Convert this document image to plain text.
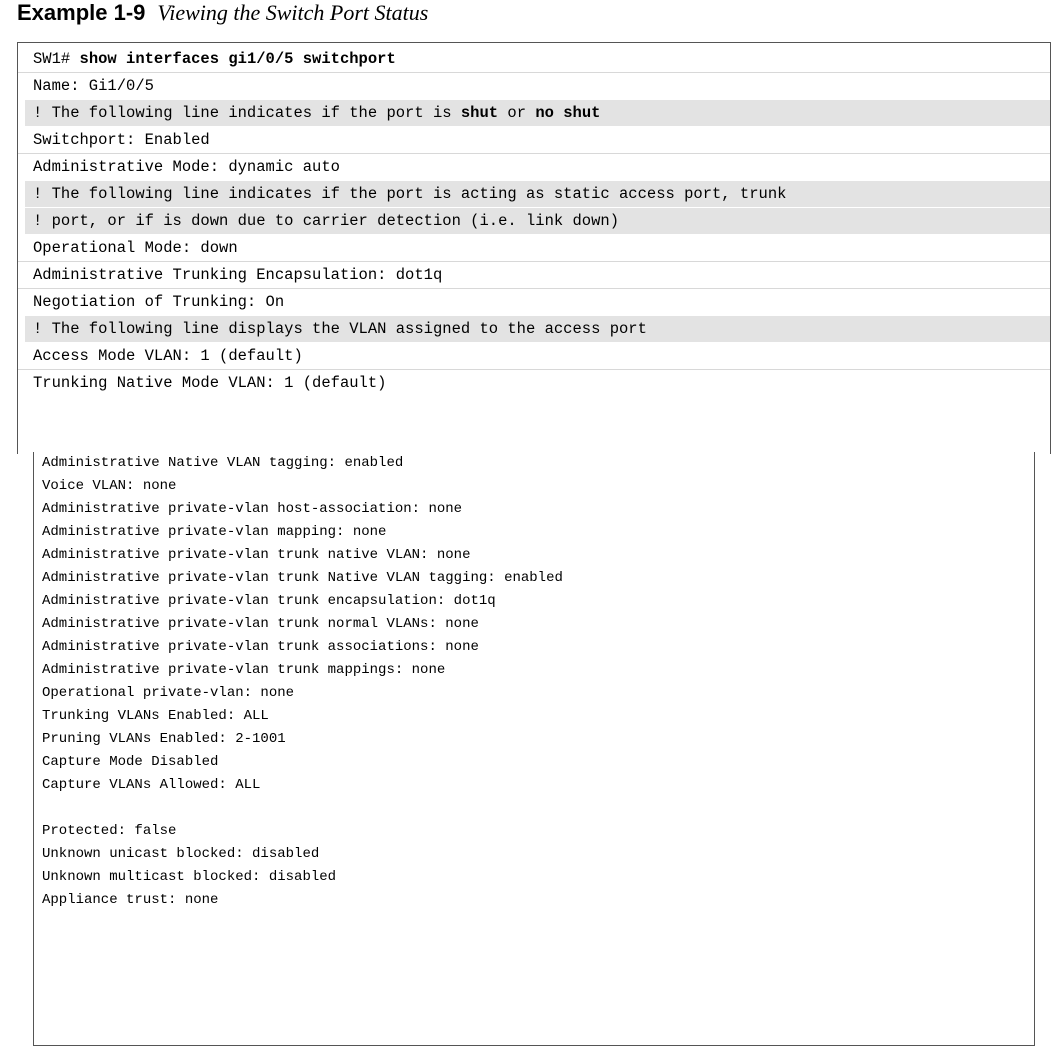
Example 1-9 Viewing the Switch Port Status
SW1# show interfaces gi1/0/5 switchport
Name: Gi1/0/5
! The following line indicates if the port is shut or no shut
Switchport: Enabled
Administrative Mode: dynamic auto
! The following line indicates if the port is acting as static access port, trunk
! port, or if is down due to carrier detection (i.e. link down)
Operational Mode: down
Administrative Trunking Encapsulation: dot1q
Negotiation of Trunking: On
! The following line displays the VLAN assigned to the access port
Access Mode VLAN: 1 (default)
Trunking Native Mode VLAN: 1 (default)
Administrative Native VLAN tagging: enabled
Voice VLAN: none
Administrative private-vlan host-association: none
Administrative private-vlan mapping: none
Administrative private-vlan trunk native VLAN: none
Administrative private-vlan trunk Native VLAN tagging: enabled
Administrative private-vlan trunk encapsulation: dot1q
Administrative private-vlan trunk normal VLANs: none
Administrative private-vlan trunk associations: none
Administrative private-vlan trunk mappings: none
Operational private-vlan: none
Trunking VLANs Enabled: ALL
Pruning VLANs Enabled: 2-1001
Capture Mode Disabled
Capture VLANs Allowed: ALL
Protected: false
Unknown unicast blocked: disabled
Unknown multicast blocked: disabled
Appliance trust: none
